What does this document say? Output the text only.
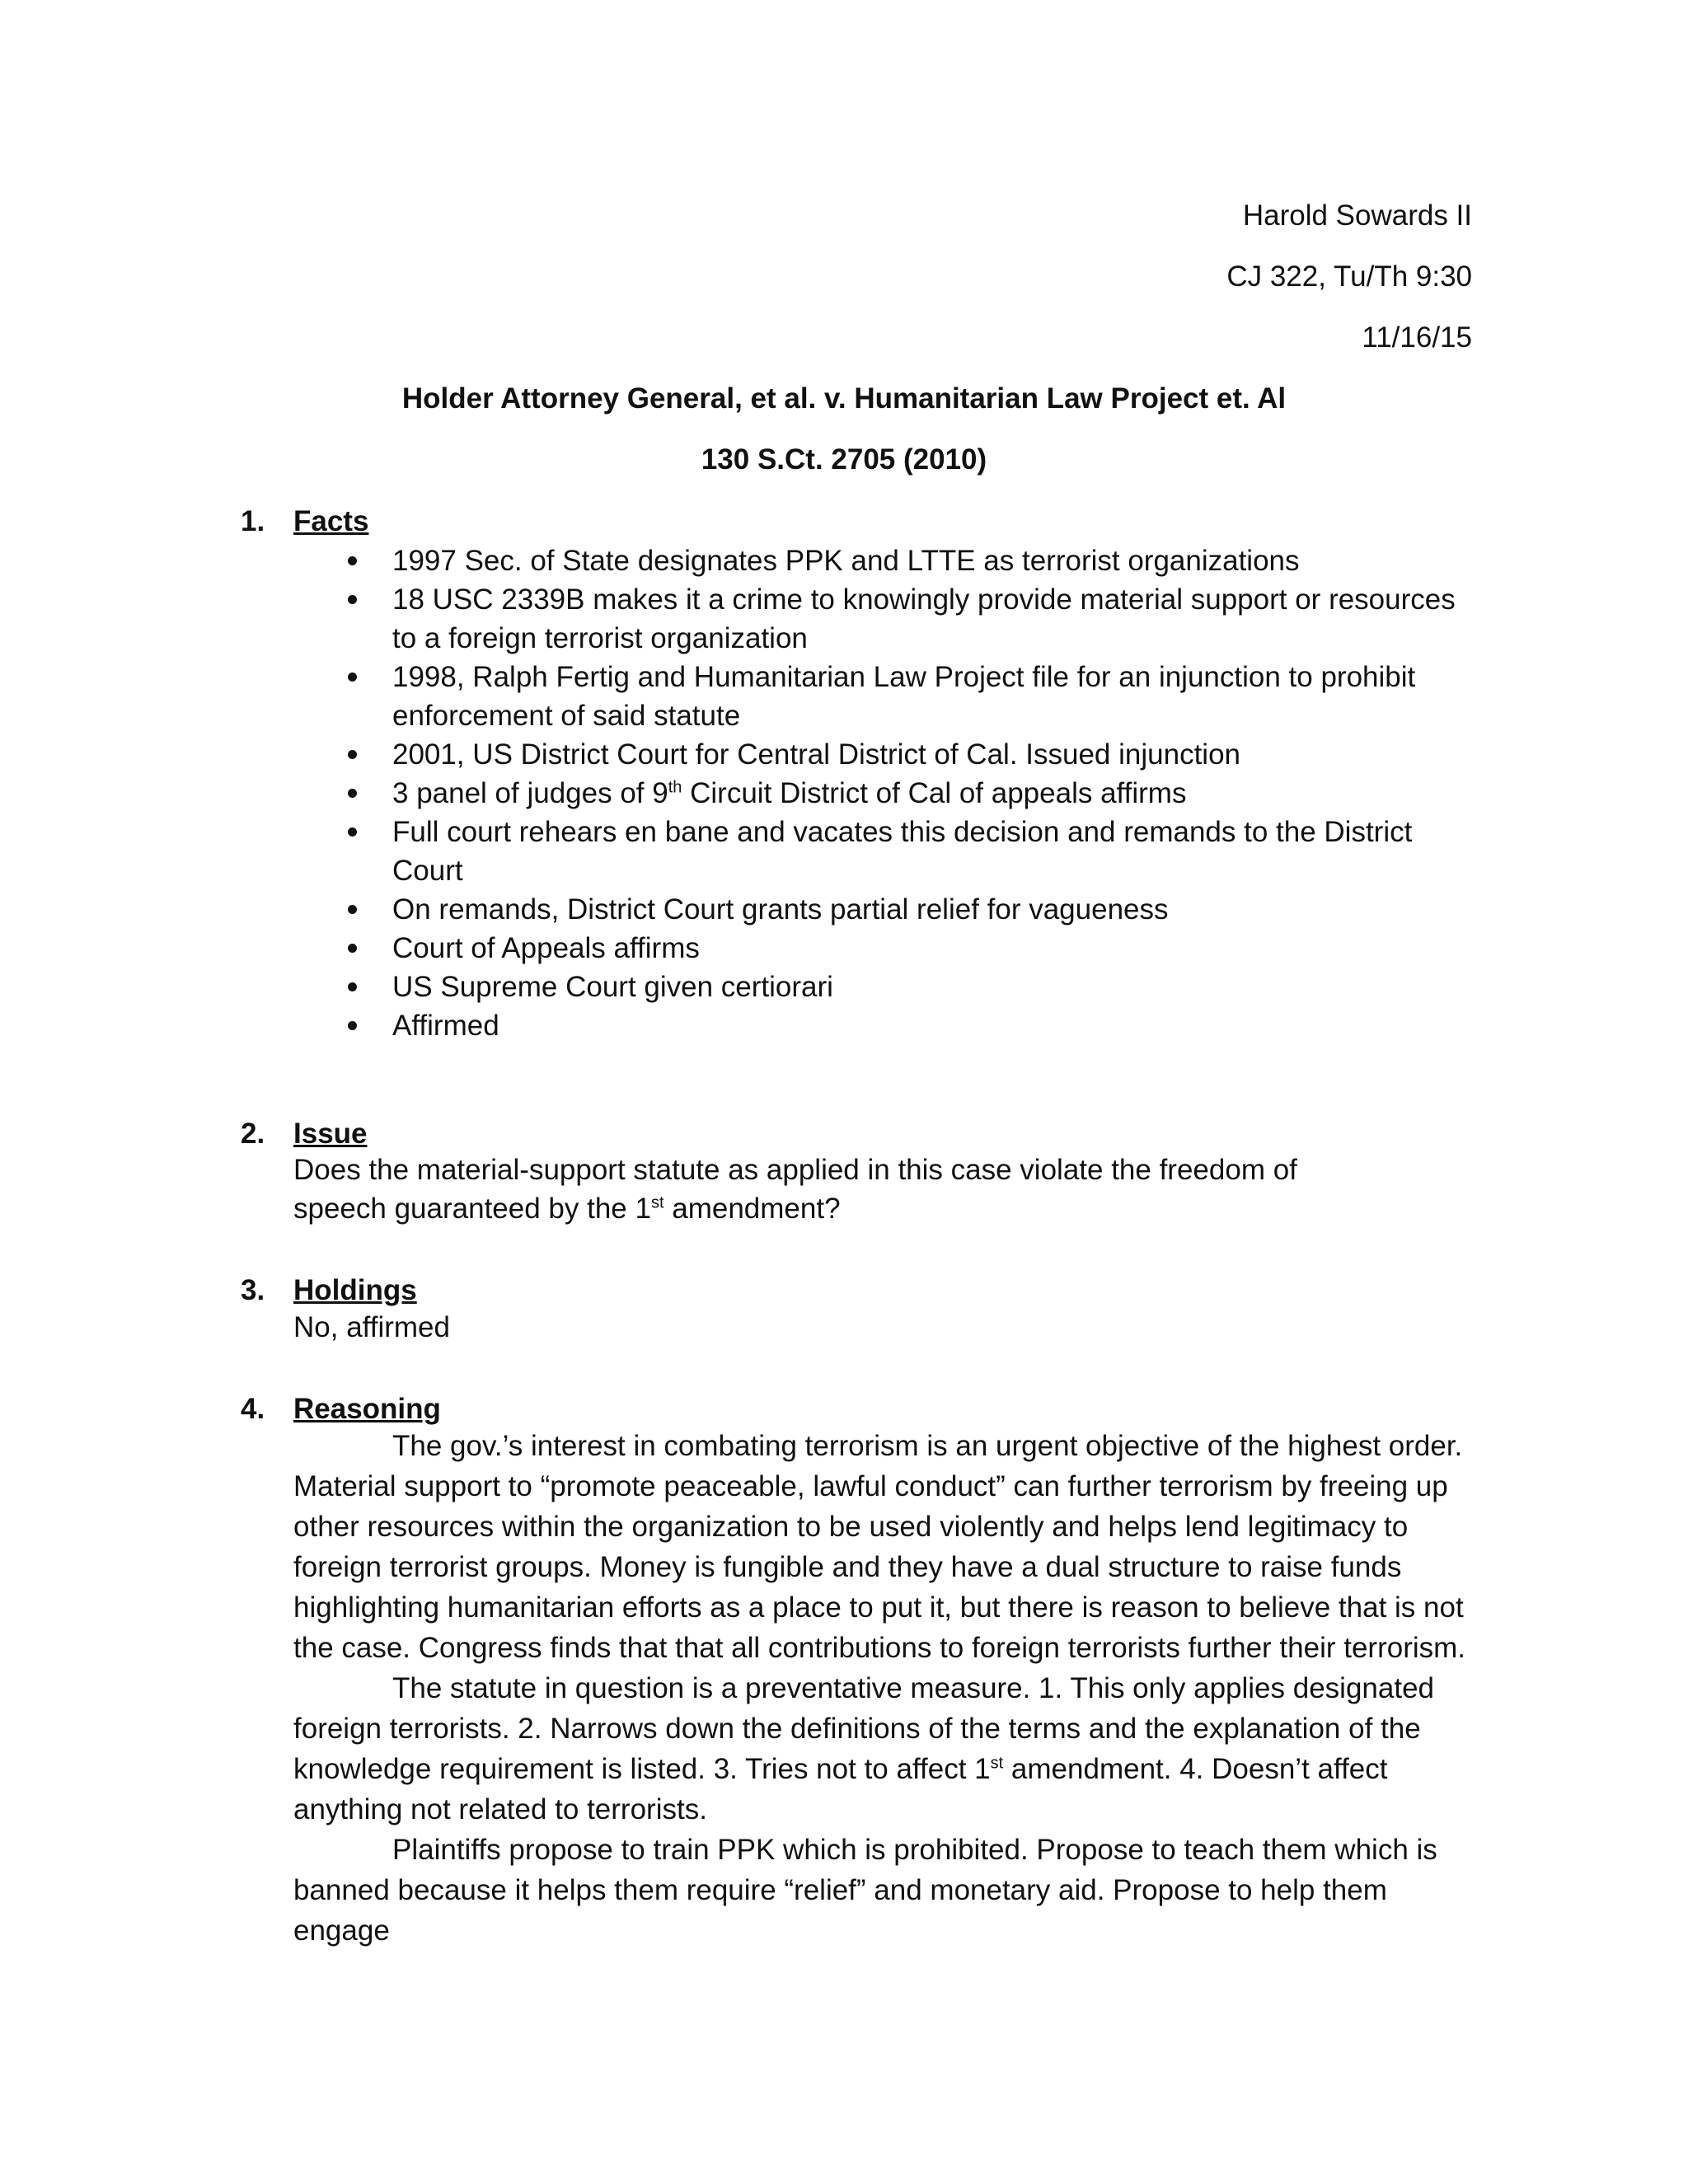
Harold Sowards II
CJ 322, Tu/Th 9:30
11/16/15
Holder Attorney General, et al. v. Humanitarian Law Project et. Al
130 S.Ct. 2705 (2010)
1. Facts
1997 Sec. of State designates PPK and LTTE as terrorist organizations
18 USC 2339B makes it a crime to knowingly provide material support or resources to a foreign terrorist organization
1998, Ralph Fertig and Humanitarian Law Project file for an injunction to prohibit enforcement of said statute
2001, US District Court for Central District of Cal. Issued injunction
3 panel of judges of 9th Circuit District of Cal of appeals affirms
Full court rehears en bane and vacates this decision and remands to the District Court
On remands, District Court grants partial relief for vagueness
Court of Appeals affirms
US Supreme Court given certiorari
Affirmed
2. Issue
Does the material-support statute as applied in this case violate the freedom of speech guaranteed by the 1st amendment?
3. Holdings
No, affirmed
4. Reasoning
The gov.’s interest in combating terrorism is an urgent objective of the highest order. Material support to “promote peaceable, lawful conduct” can further terrorism by freeing up other resources within the organization to be used violently and helps lend legitimacy to foreign terrorist groups. Money is fungible and they have a dual structure to raise funds highlighting humanitarian efforts as a place to put it, but there is reason to believe that is not the case. Congress finds that that all contributions to foreign terrorists further their terrorism.
The statute in question is a preventative measure. 1. This only applies designated foreign terrorists. 2. Narrows down the definitions of the terms and the explanation of the knowledge requirement is listed. 3. Tries not to affect 1st amendment. 4. Doesn’t affect anything not related to terrorists.
Plaintiffs propose to train PPK which is prohibited. Propose to teach them which is banned because it helps them require “relief” and monetary aid. Propose to help them engage
